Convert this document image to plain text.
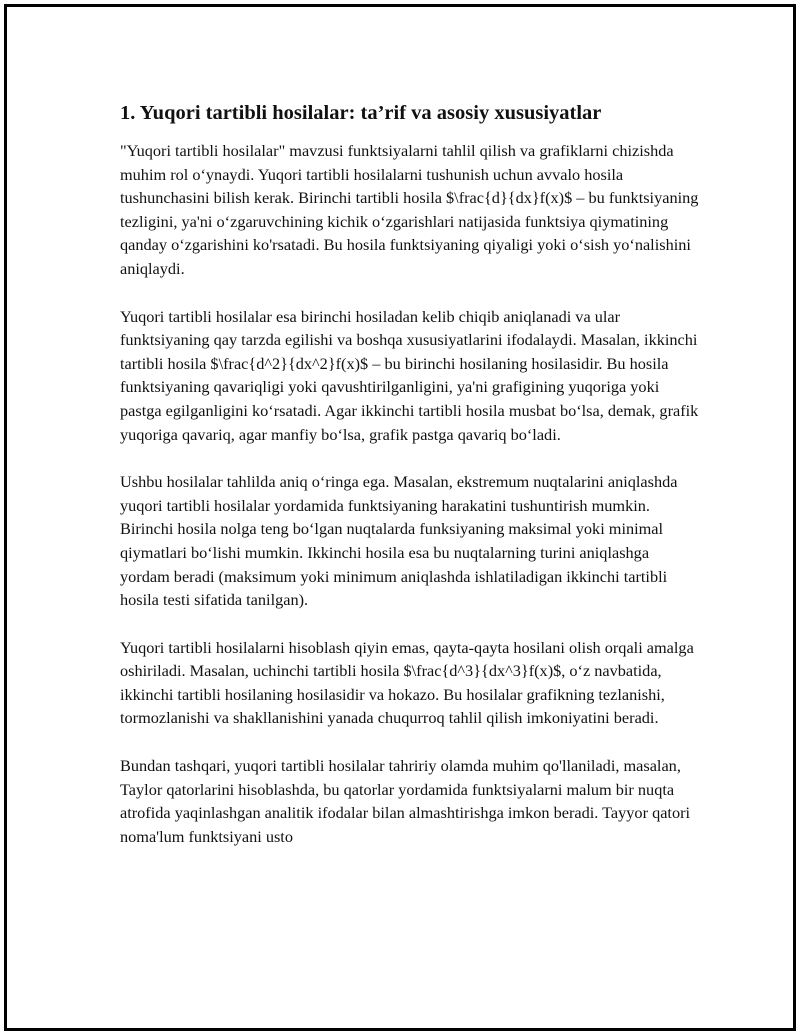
1. Yuqori tartibli hosilalar: ta’rif va asosiy xususiyatlar

"Yuqori tartibli hosilalar" mavzusi funktsiyalarni tahlil qilish va grafiklarni chizishda muhim rol o‘ynaydi. Yuqori tartibli hosilalarni tushunish uchun avvalo hosila tushunchasini bilish kerak. Birinchi tartibli hosila $\frac{d}{dx}f(x)$ – bu funktsiyaning tezligini, ya'ni o‘zgaruvchining kichik o‘zgarishlari natijasida funktsiya qiymatining qanday o‘zgarishini ko'rsatadi. Bu hosila funktsiyaning qiyaligi yoki o‘sish yo‘nalishini aniqlaydi.

Yuqori tartibli hosilalar esa birinchi hosiladan kelib chiqib aniqlanadi va ular funktsiyaning qay tarzda egilishi va boshqa xususiyatlarini ifodalaydi. Masalan, ikkinchi tartibli hosila $\frac{d^2}{dx^2}f(x)$ – bu birinchi hosilaning hosilasidir. Bu hosila funktsiyaning qavariqligi yoki qavushtirilganligini, ya'ni grafigining yuqoriga yoki pastga egilganligini ko‘rsatadi. Agar ikkinchi tartibli hosila musbat bo‘lsa, demak, grafik yuqoriga qavariq, agar manfiy bo‘lsa, grafik pastga qavariq bo‘ladi.

Ushbu hosilalar tahlilda aniq o‘ringa ega. Masalan, ekstremum nuqtalarini aniqlashda yuqori tartibli hosilalar yordamida funktsiyaning harakatini tushuntirish mumkin. Birinchi hosila nolga teng bo‘lgan nuqtalarda funksiyaning maksimal yoki minimal qiymatlari bo‘lishi mumkin. Ikkinchi hosila esa bu nuqtalarning turini aniqlashga yordam beradi (maksimum yoki minimum aniqlashda ishlatiladigan ikkinchi tartibli hosila testi sifatida tanilgan).

Yuqori tartibli hosilalarni hisoblash qiyin emas, qayta-qayta hosilani olish orqali amalga oshiriladi. Masalan, uchinchi tartibli hosila $\frac{d^3}{dx^3}f(x)$, o‘z navbatida, ikkinchi tartibli hosilaning hosilasidir va hokazo. Bu hosilalar grafikning tezlanishi, tormozlanishi va shakllanishini yanada chuqurroq tahlil qilish imkoniyatini beradi.

Bundan tashqari, yuqori tartibli hosilalar tahririy olamda muhim qo'llaniladi, masalan, Taylor qatorlarini hisoblashda, bu qatorlar yordamida funktsiyalarni malum bir nuqta atrofida yaqinlashgan analitik ifodalar bilan almashtirishga imkon beradi. Tayyor qatori noma'lum funktsiyani usto
